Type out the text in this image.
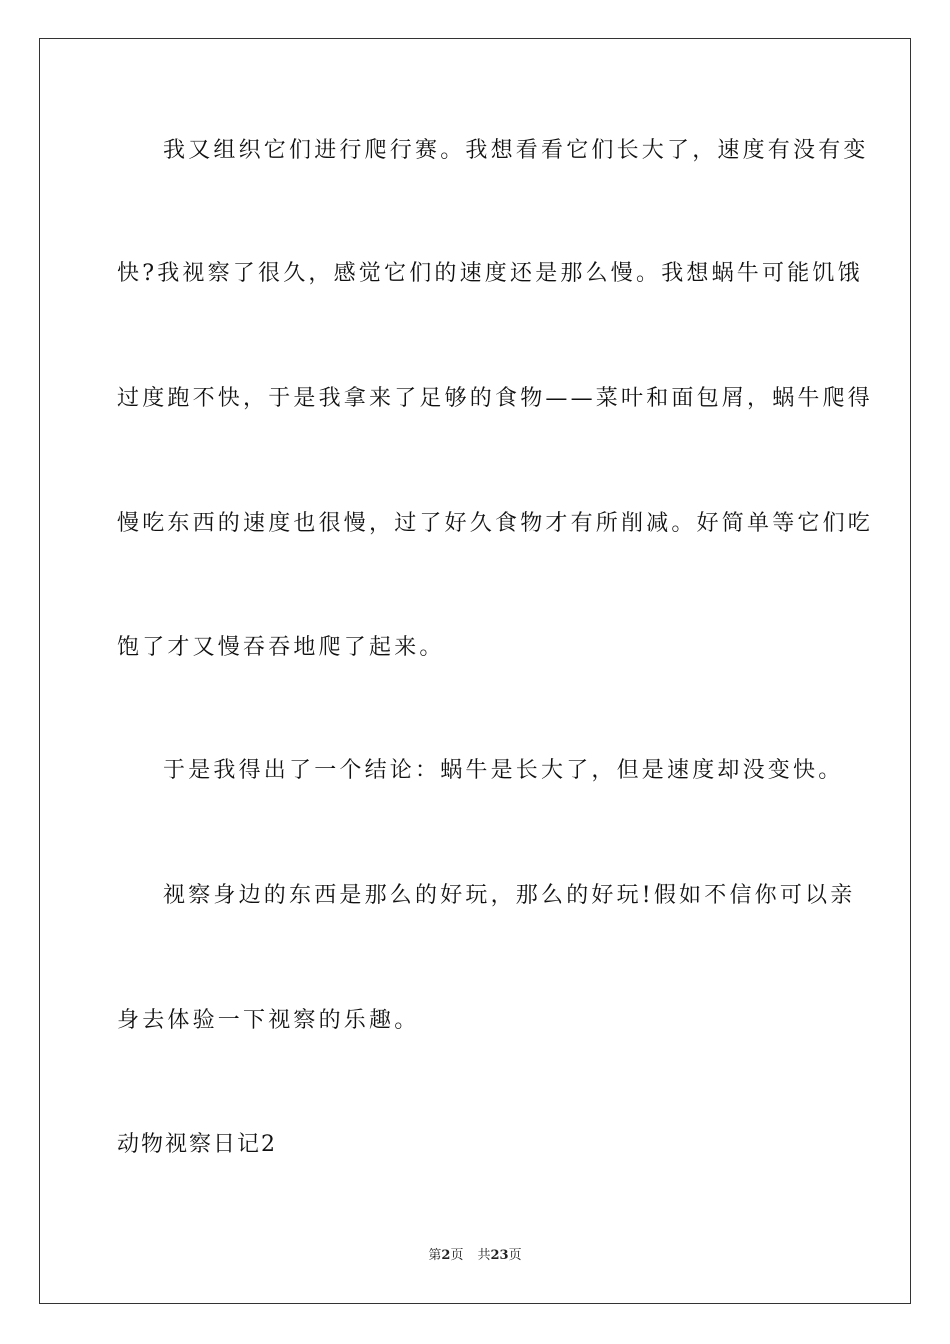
我又组织它们进行爬行赛。我想看看它们长大了，速度有没有变
快?我视察了很久，感觉它们的速度还是那么慢。我想蜗牛可能饥饿
过度跑不快，于是我拿来了足够的食物——菜叶和面包屑，蜗牛爬得
慢吃东西的速度也很慢，过了好久食物才有所削减。好简单等它们吃
饱了才又慢吞吞地爬了起来。
于是我得出了一个结论：蜗牛是长大了，但是速度却没变快。
视察身边的东西是那么的好玩，那么的好玩!假如不信你可以亲
身去体验一下视察的乐趣。
动物视察日记2
第2页 共23页
